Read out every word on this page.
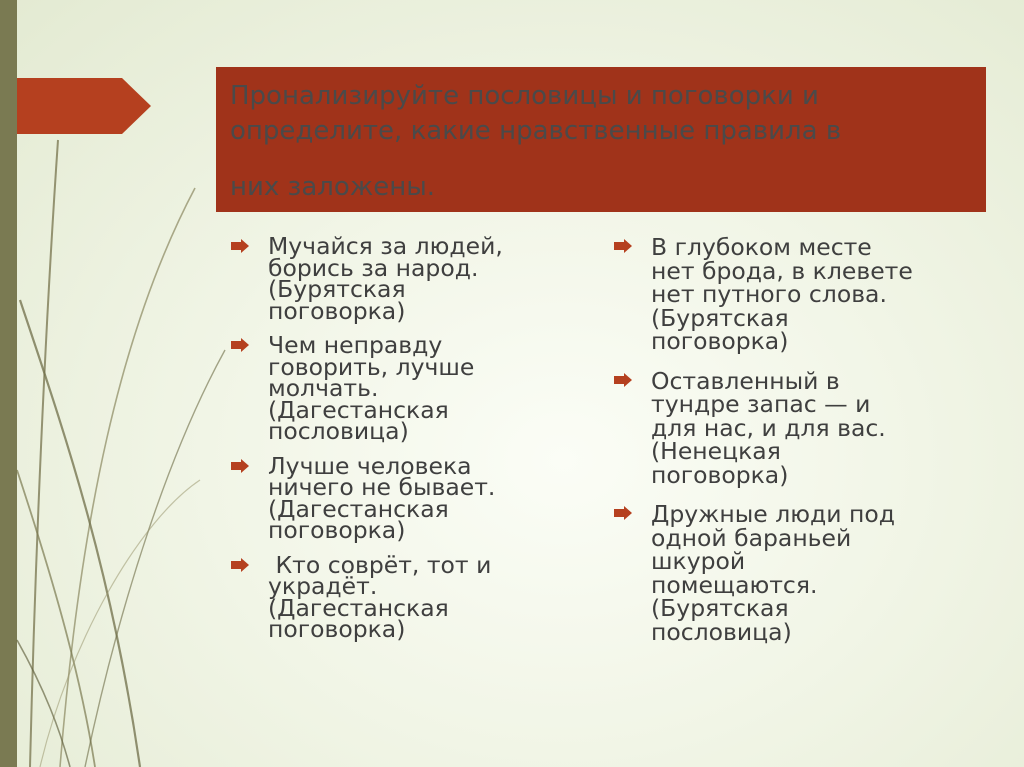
Пронализируйте пословицы и поговорки и
определите, какие нравственные правила в
них заложены.
Мучайся за людей,
борись за народ.
(Бурятская
поговорка)
Чем неправду
говорить, лучше
молчать.
(Дагестанская
пословица)
Лучше человека
ничего не бывает.
(Дагестанская
поговорка)
Кто соврёт, тот и
украдёт.
(Дагестанская
поговорка)
В глубоком месте
нет брода, в клевете
нет путного слова.
(Бурятская
поговорка)
Оставленный в
тундре запас — и
для нас, и для вас.
(Ненецкая
поговорка)
Дружные люди под
одной бараньей
шкурой
помещаются.
(Бурятская
пословица)
